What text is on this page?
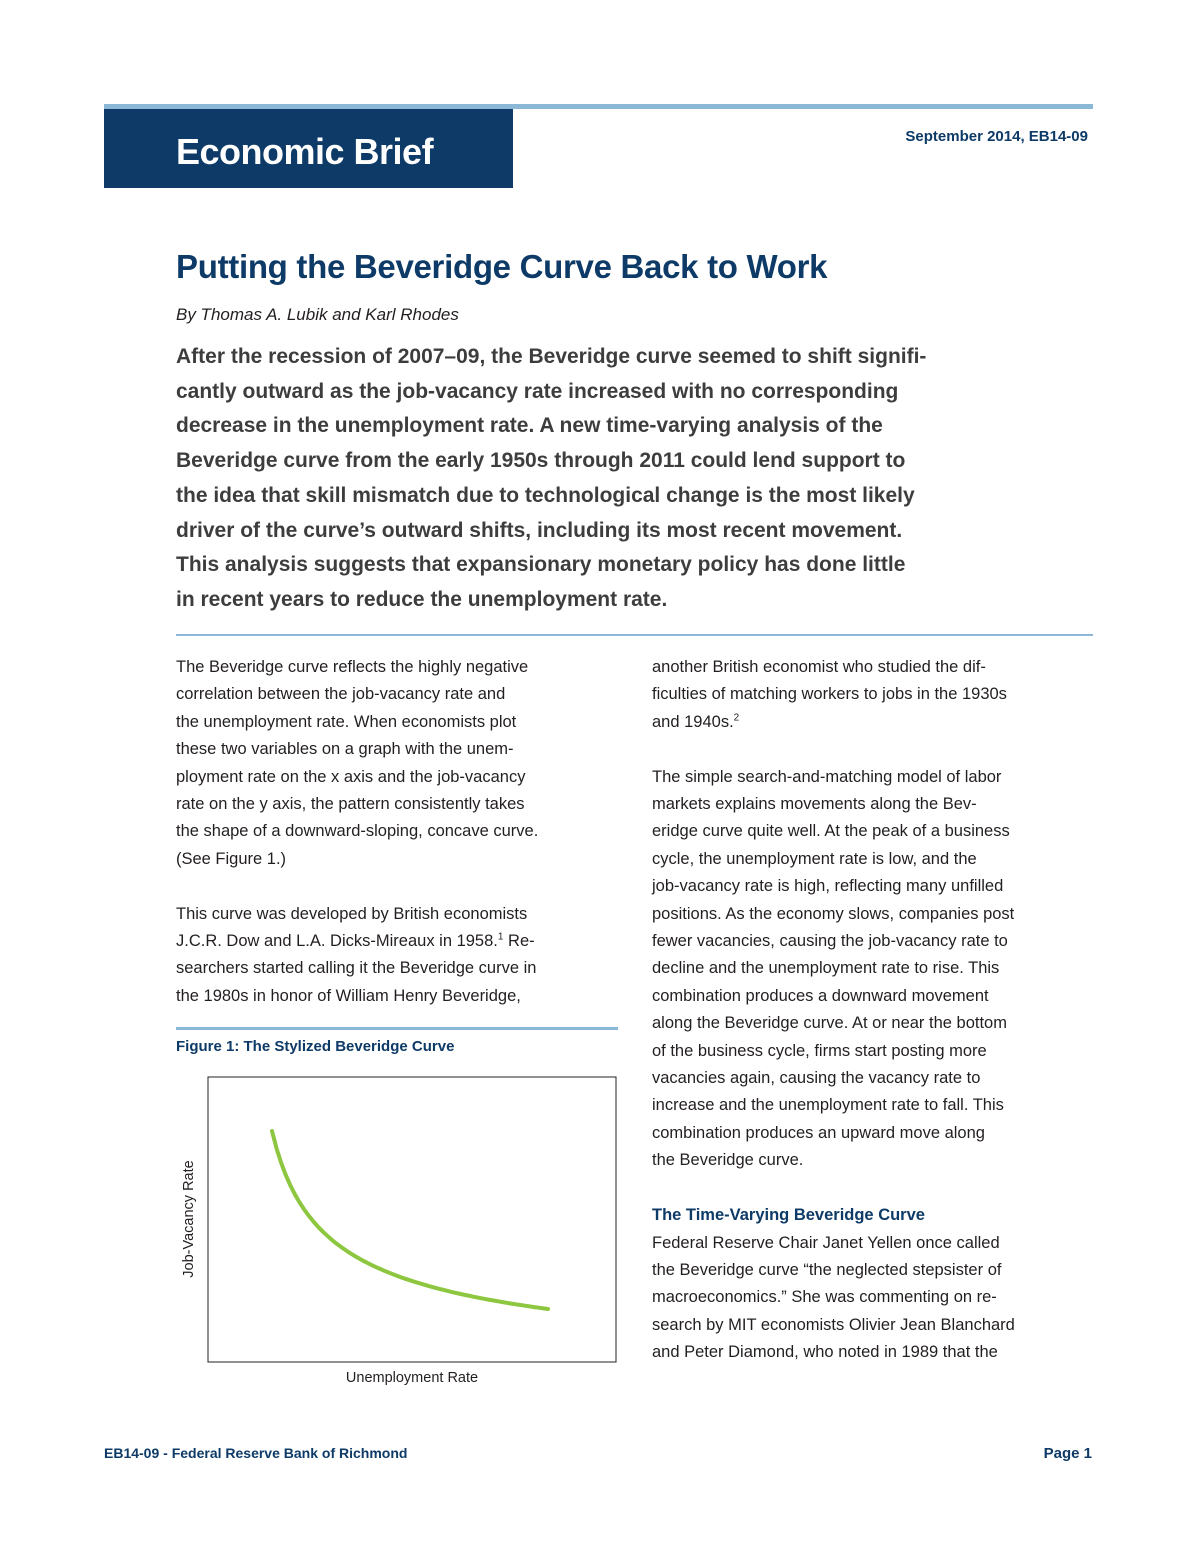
Economic Brief	September 2014, EB14-09
Putting the Beveridge Curve Back to Work
By Thomas A. Lubik and Karl Rhodes
After the recession of 2007–09, the Beveridge curve seemed to shift signifi-
cantly outward as the job-vacancy rate increased with no corresponding
decrease in the unemployment rate. A new time-varying analysis of the
Beveridge curve from the early 1950s through 2011 could lend support to
the idea that skill mismatch due to technological change is the most likely
driver of the curve’s outward shifts, including its most recent movement.
This analysis suggests that expansionary monetary policy has done little
in recent years to reduce the unemployment rate.
The Beveridge curve reflects the highly negative
correlation between the job-vacancy rate and
the unemployment rate. When economists plot
these two variables on a graph with the unem-
ployment rate on the x axis and the job-vacancy
rate on the y axis, the pattern consistently takes
the shape of a downward-sloping, concave curve.
(See Figure 1.)
This curve was developed by British economists
J.C.R. Dow and L.A. Dicks-Mireaux in 1958.$^1$ Re-
searchers started calling it the Beveridge curve in
the 1980s in honor of William Henry Beveridge,
Figure 1: The Stylized Beveridge Curve
Unemployment Rate
Job-Vacancy Rate
another British economist who studied the dif-
ficulties of matching workers to jobs in the 1930s
and 1940s.$^2$
The simple search-and-matching model of labor
markets explains movements along the Bev-
eridge curve quite well. At the peak of a business
cycle, the unemployment rate is low, and the
job-vacancy rate is high, reflecting many unfilled
positions. As the economy slows, companies post
fewer vacancies, causing the job-vacancy rate to
decline and the unemployment rate to rise. This
combination produces a downward movement
along the Beveridge curve. At or near the bottom
of the business cycle, firms start posting more
vacancies again, causing the vacancy rate to
increase and the unemployment rate to fall. This
combination produces an upward move along
the Beveridge curve.
The Time-Varying Beveridge Curve
Federal Reserve Chair Janet Yellen once called
the Beveridge curve “the neglected stepsister of
macroeconomics.” She was commenting on re-
search by MIT economists Olivier Jean Blanchard
and Peter Diamond, who noted in 1989 that the
EB14-09 - Federal Reserve Bank of Richmond	Page 1
